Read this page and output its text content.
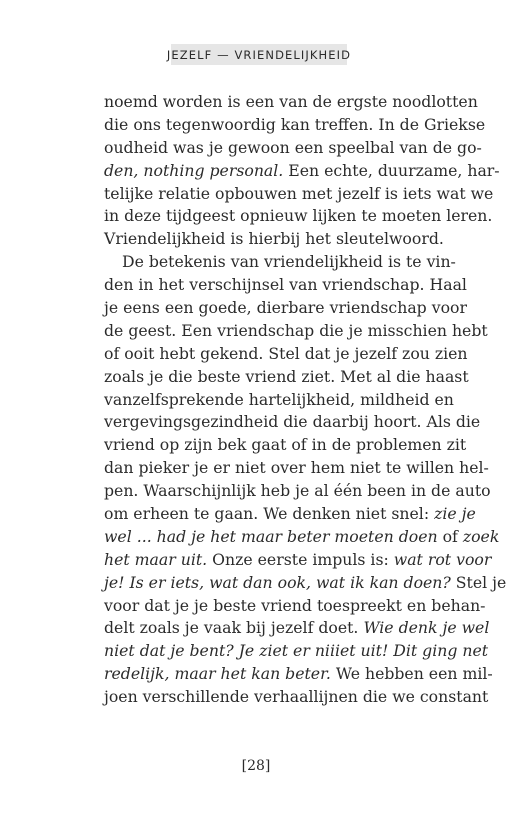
JEZELF — VRIENDELIJKHEID
noemd worden is een van de ergste noodlotten
die ons tegenwoordig kan treffen. In de Griekse
oudheid was je gewoon een speelbal van de go-
den, nothing personal. Een echte, duurzame, har-
telijke relatie opbouwen met jezelf is iets wat we
in deze tijdgeest opnieuw lijken te moeten leren.
Vriendelijkheid is hierbij het sleutelwoord.
De betekenis van vriendelijkheid is te vin-
den in het verschijnsel van vriendschap. Haal
je eens een goede, dierbare vriendschap voor
de geest. Een vriendschap die je misschien hebt
of ooit hebt gekend. Stel dat je jezelf zou zien
zoals je die beste vriend ziet. Met al die haast
vanzelfsprekende hartelijkheid, mildheid en
vergevingsgezindheid die daarbij hoort. Als die
vriend op zijn bek gaat of in de problemen zit
dan pieker je er niet over hem niet te willen hel-
pen. Waarschijnlijk heb je al één been in de auto
om erheen te gaan. We denken niet snel: zie je
wel ... had je het maar beter moeten doen of zoek
het maar uit. Onze eerste impuls is: wat rot voor
je! Is er iets, wat dan ook, wat ik kan doen? Stel je
voor dat je je beste vriend toespreekt en behan-
delt zoals je vaak bij jezelf doet. Wie denk je wel
niet dat je bent? Je ziet er niiiet uit! Dit ging net
redelijk, maar het kan beter. We hebben een mil-
joen verschillende verhaallijnen die we constant
[28]
